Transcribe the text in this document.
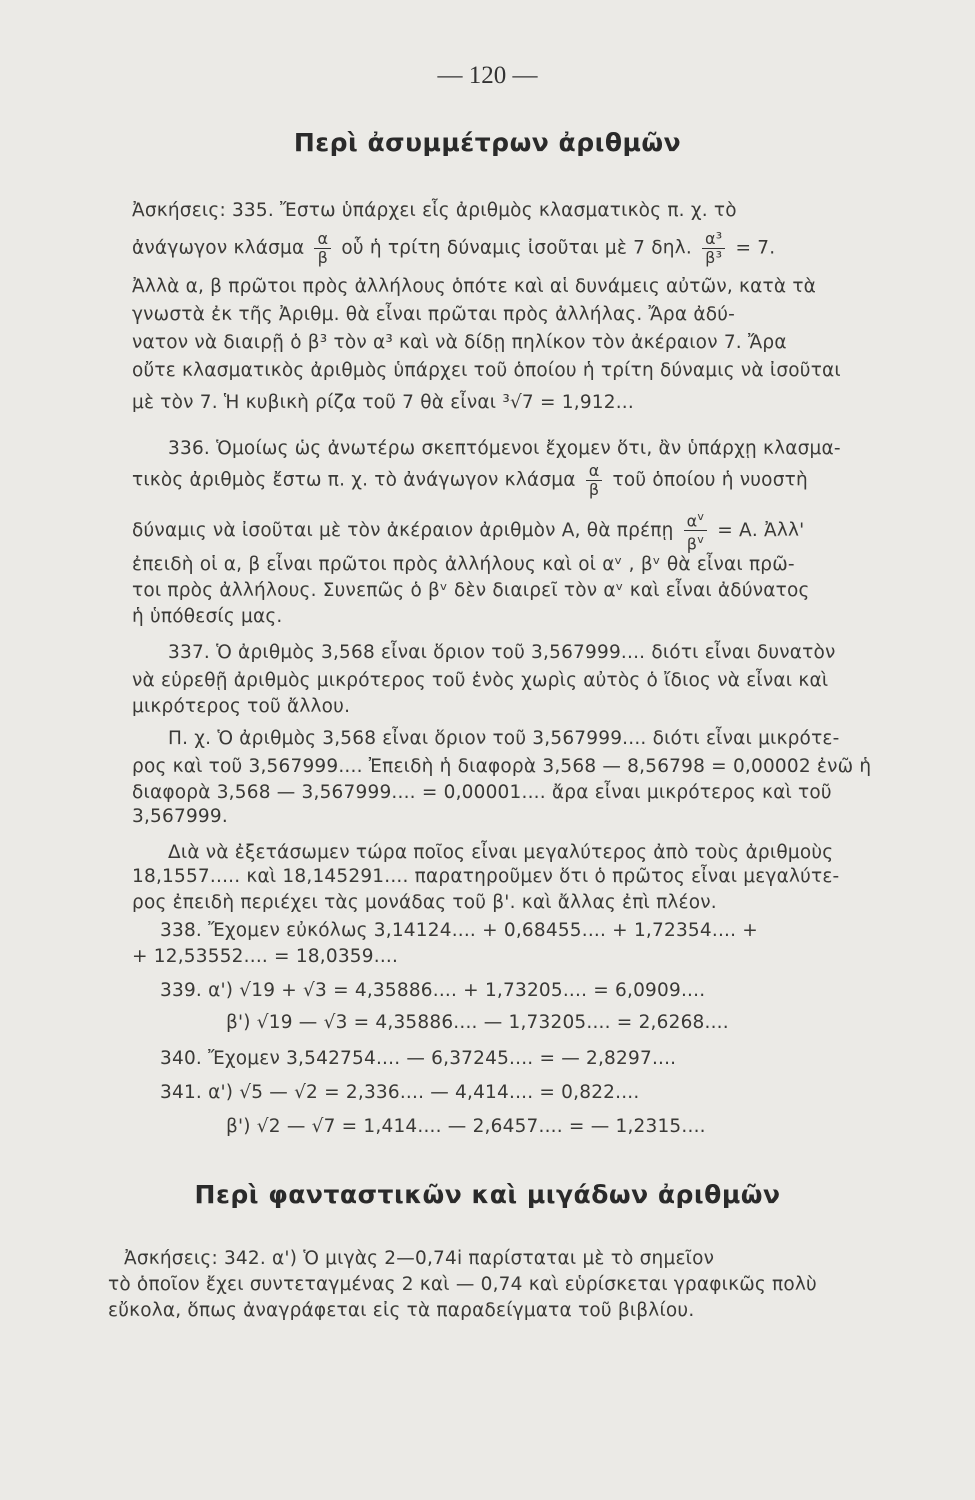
— 120 —
Περὶ ἀσυμμέτρων ἀριθμῶν
Ἀσκήσεις: 335. Ἔστω ὑπάρχει εἷς ἀριθμὸς κλασματικὸς π. χ. τὸ
ἀνάγωγον κλάσμα $\frac{\alpha}{\beta}$ οὗ ἡ τρίτη δύναμις ἰσοῦται μὲ 7 δηλ. $\frac{\text{α³}}{\text{β³}} = 7$.
Ἀλλὰ α, β πρῶτοι πρὸς ἀλλήλους ὁπότε καὶ αἱ δυνάμεις αὐτῶν, κατὰ τὰ
γνωστὰ ἐκ τῆς Ἀριθμ. θὰ εἶναι πρῶται πρὸς ἀλλήλας. Ἄρα ἀδύ-
νατον νὰ διαιρῇ ὁ β³ τὸν α³ καὶ νὰ δίδῃ πηλίκον τὸν ἀκέραιον 7. Ἄρα
οὔτε κλασματικὸς ἀριθμὸς ὑπάρχει τοῦ ὁποίου ἡ τρίτη δύναμις νὰ ἰσοῦται
μὲ τὸν 7. Ἡ κυβικὴ ρίζα τοῦ 7 θὰ εἶναι ³√7 = 1,912...
336. Ὁμοίως ὡς ἀνωτέρω σκεπτόμενοι ἔχομεν ὅτι, ἂν ὑπάρχῃ κλασμα-
τικὸς ἀριθμὸς ἔστω π. χ. τὸ ἀνάγωγον κλάσμα $\frac{\alpha}{\beta}$ τοῦ ὁποίου ἡ νυοστὴ
δύναμις νὰ ἰσοῦται μὲ τὸν ἀκέραιον ἀριθμὸν Α, θὰ πρέπῃ $\frac{\alpha^v}{\beta^v} = A$. Ἀλλ'
ἐπειδὴ οἱ α, β εἶναι πρῶτοι πρὸς ἀλλήλους καὶ οἱ αᵛ , βᵛ θὰ εἶναι πρῶ-
τοι πρὸς ἀλλήλους. Συνεπῶς ὁ βᵛ δὲν διαιρεῖ τὸν αᵛ καὶ εἶναι ἀδύνατος
ἡ ὑπόθεσίς μας.
337. Ὁ ἀριθμὸς 3,568 εἶναι ὅριον τοῦ 3,567999.... διότι εἶναι δυνατὸν
νὰ εὑρεθῇ ἀριθμὸς μικρότερος τοῦ ἑνὸς χωρὶς αὐτὸς ὁ ἴδιος νὰ εἶναι καὶ
μικρότερος τοῦ ἄλλου.
Π. χ. Ὁ ἀριθμὸς 3,568 εἶναι ὅριον τοῦ 3,567999.... διότι εἶναι μικρότε-
ρος καὶ τοῦ 3,567999.... Ἐπειδὴ ἡ διαφορὰ 3,568 — 8,56798 = 0,00002 ἐνῶ ἡ
διαφορὰ 3,568 — 3,567999.... = 0,00001.... ἄρα εἶναι μικρότερος καὶ τοῦ
3,567999.
Διὰ νὰ ἐξετάσωμεν τώρα ποῖος εἶναι μεγαλύτερος ἀπὸ τοὺς ἀριθμοὺς
18,1557..... καὶ 18,145291.... παρατηροῦμεν ὅτι ὁ πρῶτος εἶναι μεγαλύτε-
ρος ἐπειδὴ περιέχει τὰς μονάδας τοῦ β'. καὶ ἄλλας ἐπὶ πλέον.
338. Ἔχομεν εὐκόλως 3,14124.... + 0,68455.... + 1,72354.... +
+ 12,53552.... = 18,0359....
339. α') √19 + √3 = 4,35886.... + 1,73205.... = 6,0909....
β') √19 — √3 = 4,35886.... — 1,73205.... = 2,6268....
340. Ἔχομεν 3,542754.... — 6,37245.... = — 2,8297....
341. α') √5 — √2 = 2,336.... — 4,414.... = 0,822....
β') √2 — √7 = 1,414.... — 2,6457.... = — 1,2315....
Περὶ φανταστικῶν καὶ μιγάδων ἀριθμῶν
Ἀσκήσεις: 342. α') Ὁ μιγὰς 2—0,74i παρίσταται μὲ τὸ σημεῖον
τὸ ὁποῖον ἔχει συντεταγμένας 2 καὶ — 0,74 καὶ εὑρίσκεται γραφικῶς πολὺ
εὔκολα, ὅπως ἀναγράφεται εἰς τὰ παραδείγματα τοῦ βιβλίου.
